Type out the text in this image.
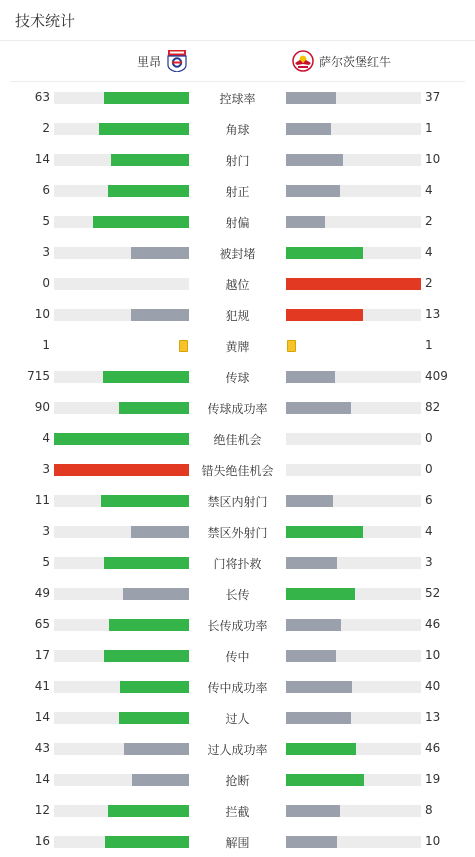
技术统计
里昂	萨尔茨堡红牛
63	控球率	37
2	角球	1
14	射门	10
6	射正	4
5	射偏	2
3	被封堵	4
0	越位	2
10	犯规	13
1	黄牌	1
715	传球	409
90	传球成功率	82
4	绝佳机会	0
3	错失绝佳机会	0
11	禁区内射门	6
3	禁区外射门	4
5	门将扑救	3
49	长传	52
65	长传成功率	46
17	传中	10
41	传中成功率	40
14	过人	13
43	过人成功率	46
14	抢断	19
12	拦截	8
16	解围	10
